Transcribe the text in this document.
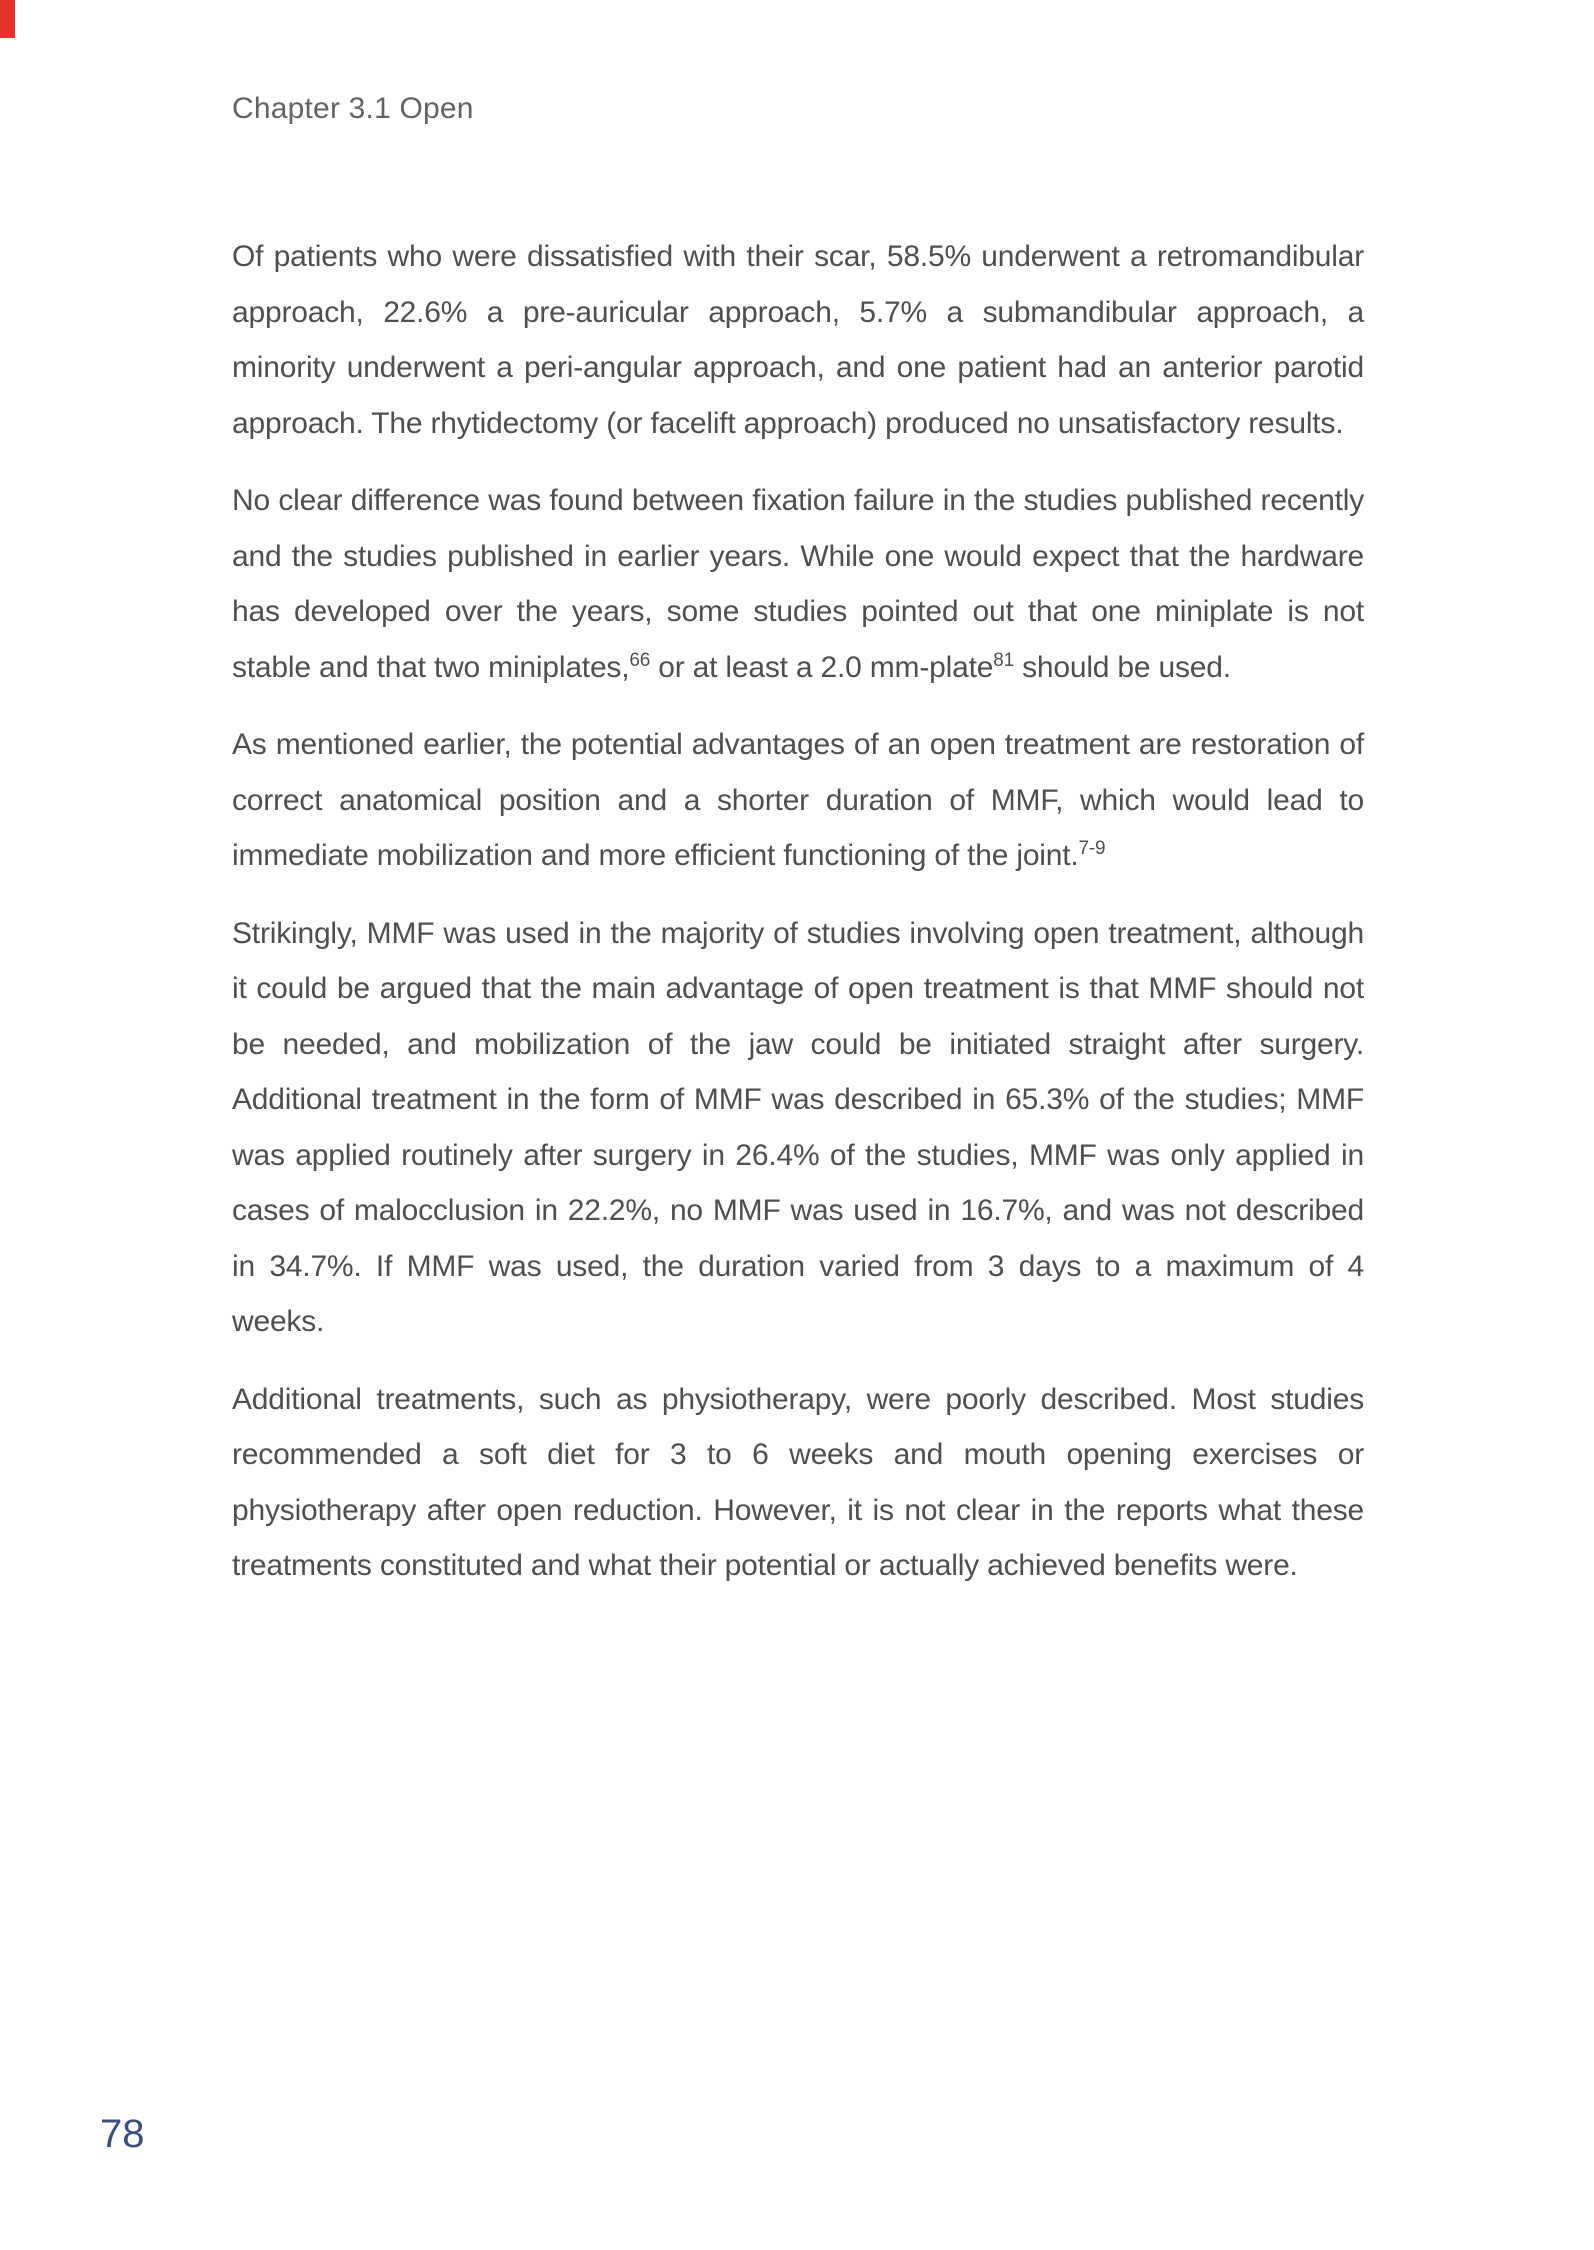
Chapter 3.1 Open

Of patients who were dissatisfied with their scar, 58.5% underwent a retromandibular approach, 22.6% a pre-auricular approach, 5.7% a submandibular approach, a minority underwent a peri-angular approach, and one patient had an anterior parotid approach. The rhytidectomy (or facelift approach) produced no unsatisfactory results.

No clear difference was found between fixation failure in the studies published recently and the studies published in earlier years. While one would expect that the hardware has developed over the years, some studies pointed out that one miniplate is not stable and that two miniplates,$^{66}$ or at least a 2.0 mm-plate$^{81}$ should be used.

As mentioned earlier, the potential advantages of an open treatment are restoration of correct anatomical position and a shorter duration of MMF, which would lead to immediate mobilization and more efficient functioning of the joint.$^{7-9}$

Strikingly, MMF was used in the majority of studies involving open treatment, although it could be argued that the main advantage of open treatment is that MMF should not be needed, and mobilization of the jaw could be initiated straight after surgery. Additional treatment in the form of MMF was described in 65.3% of the studies; MMF was applied routinely after surgery in 26.4% of the studies, MMF was only applied in cases of malocclusion in 22.2%, no MMF was used in 16.7%, and was not described in 34.7%. If MMF was used, the duration varied from 3 days to a maximum of 4 weeks.

Additional treatments, such as physiotherapy, were poorly described. Most studies recommended a soft diet for 3 to 6 weeks and mouth opening exercises or physiotherapy after open reduction. However, it is not clear in the reports what these treatments constituted and what their potential or actually achieved benefits were.

78
